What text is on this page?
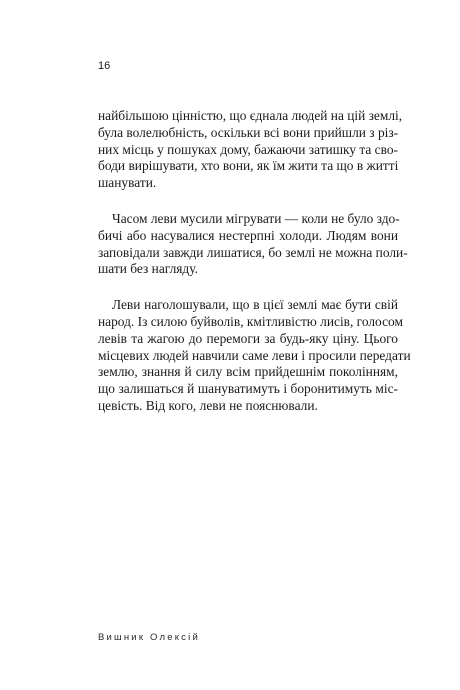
16

найбільшою цінністю, що єднала людей на цій землі,
була волелюбність, оскільки всі вони прийшли з різ-
них місць у пошуках дому, бажаючи затишку та сво-
боди вирішувати, хто вони, як їм жити та що в житті
шанувати.

Часом леви мусили мігрувати — коли не було здо-
бичі або насувалися нестерпні холоди. Людям вони
заповідали завжди лишатися, бо землі не можна поли-
шати без нагляду.

Леви наголошували, що в цієї землі має бути свій
народ. Із силою буйволів, кмітливістю лисів, голосом
левів та жагою до перемоги за будь-яку ціну. Цього
місцевих людей навчили саме леви і просили передати
землю, знання й силу всім прийдешнім поколінням,
що залишаться й шануватимуть і боронитимуть міс-
цевість. Від кого, леви не пояснювали.

Вишник Олексій
